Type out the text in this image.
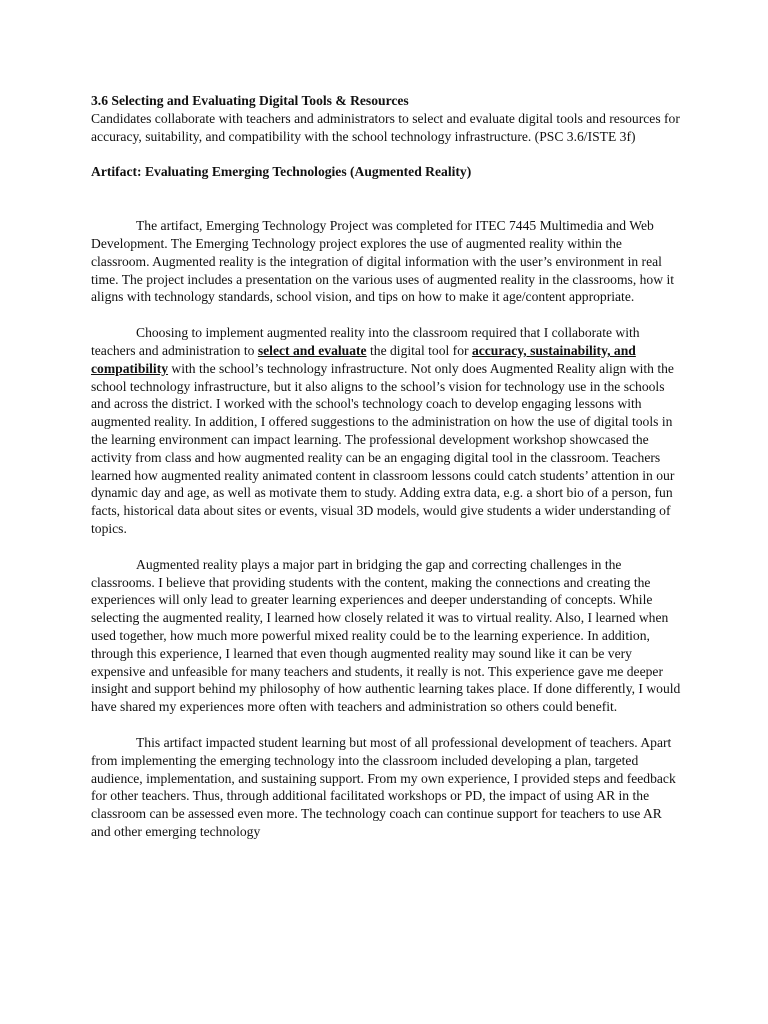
3.6 Selecting and Evaluating Digital Tools & Resources

Candidates collaborate with teachers and administrators to select and evaluate digital tools and resources for accuracy, suitability, and compatibility with the school technology infrastructure. (PSC 3.6/ISTE 3f)

Artifact: Evaluating Emerging Technologies (Augmented Reality)

The artifact, Emerging Technology Project was completed for ITEC 7445 Multimedia and Web Development. The Emerging Technology project explores the use of augmented reality within the classroom. Augmented reality is the integration of digital information with the user’s environment in real time. The project includes a presentation on the various uses of augmented reality in the classrooms, how it aligns with technology standards, school vision, and tips on how to make it age/content appropriate.

Choosing to implement augmented reality into the classroom required that I collaborate with teachers and administration to select and evaluate the digital tool for accuracy, sustainability, and compatibility with the school’s technology infrastructure. Not only does Augmented Reality align with the school technology infrastructure, but it also aligns to the school’s vision for technology use in the schools and across the district. I worked with the school's technology coach to develop engaging lessons with augmented reality. In addition, I offered suggestions to the administration on how the use of digital tools in the learning environment can impact learning. The professional development workshop showcased the activity from class and how augmented reality can be an engaging digital tool in the classroom. Teachers learned how augmented reality animated content in classroom lessons could catch students’ attention in our dynamic day and age, as well as motivate them to study. Adding extra data, e.g. a short bio of a person, fun facts, historical data about sites or events, visual 3D models, would give students a wider understanding of topics.

Augmented reality plays a major part in bridging the gap and correcting challenges in the classrooms. I believe that providing students with the content, making the connections and creating the experiences will only lead to greater learning experiences and deeper understanding of concepts. While selecting the augmented reality, I learned how closely related it was to virtual reality. Also, I learned when used together, how much more powerful mixed reality could be to the learning experience. In addition, through this experience, I learned that even though augmented reality may sound like it can be very expensive and unfeasible for many teachers and students, it really is not. This experience gave me deeper insight and support behind my philosophy of how authentic learning takes place. If done differently, I would have shared my experiences more often with teachers and administration so others could benefit.

This artifact impacted student learning but most of all professional development of teachers. Apart from implementing the emerging technology into the classroom included developing a plan, targeted audience, implementation, and sustaining support. From my own experience, I provided steps and feedback for other teachers. Thus, through additional facilitated workshops or PD, the impact of using AR in the classroom can be assessed even more. The technology coach can continue support for teachers to use AR and other emerging technology
